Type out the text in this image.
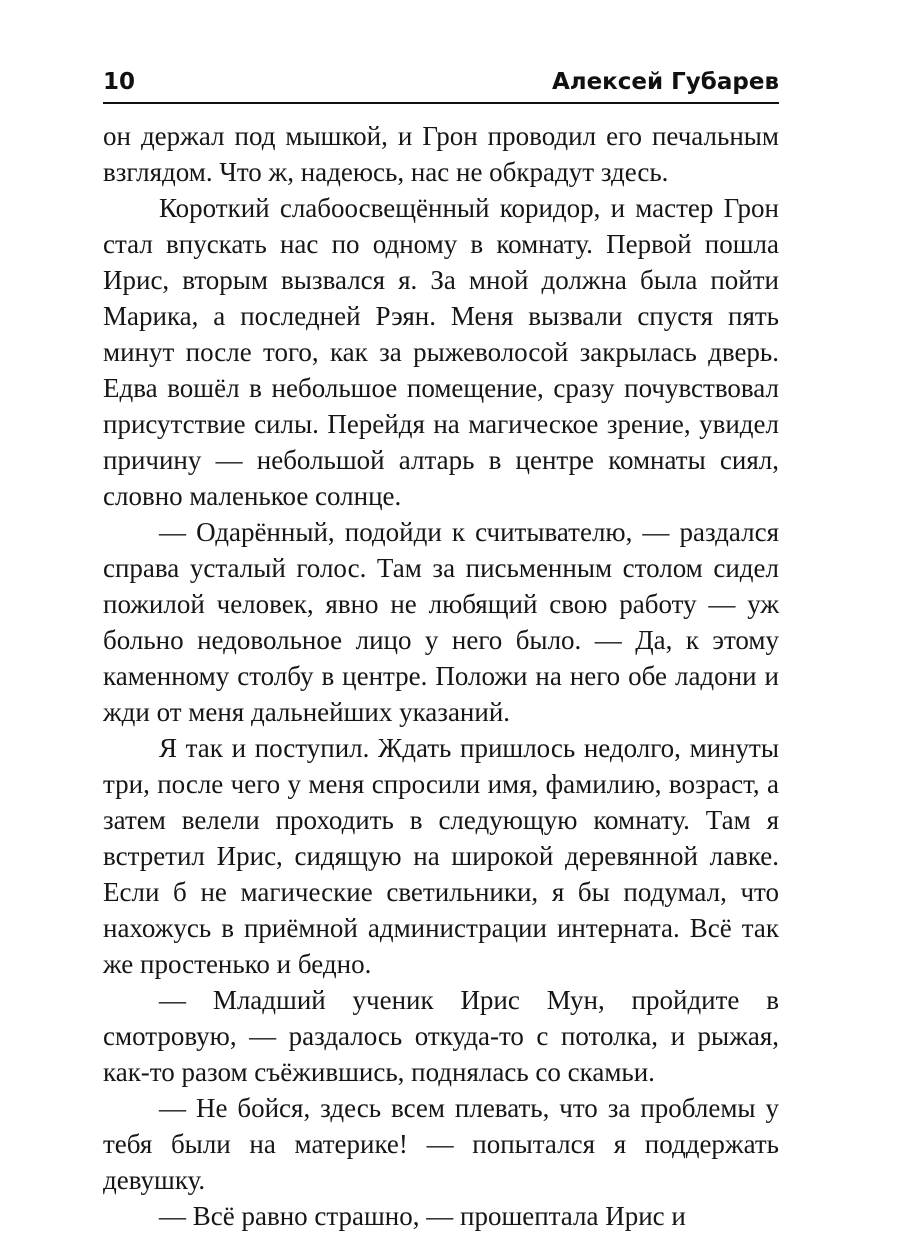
10	Алексей Губарев

он держал под мышкой, и Грон проводил его печальным взглядом. Что ж, надеюсь, нас не обкрадут здесь.

Короткий слабоосвещённый коридор, и мастер Грон стал впускать нас по одному в комнату. Первой пошла Ирис, вторым вызвался я. За мной должна была пойти Марика, а последней Рэян. Меня вызвали спустя пять минут после того, как за рыжеволосой закрылась дверь. Едва вошёл в небольшое помещение, сразу почувствовал присутствие силы. Перейдя на магическое зрение, увидел причину — небольшой алтарь в центре комнаты сиял, словно маленькое солнце.

— Одарённый, подойди к считывателю, — раздался справа усталый голос. Там за письменным столом сидел пожилой человек, явно не любящий свою работу — уж больно недовольное лицо у него было. — Да, к этому каменному столбу в центре. Положи на него обе ладони и жди от меня дальнейших указаний.

Я так и поступил. Ждать пришлось недолго, минуты три, после чего у меня спросили имя, фамилию, возраст, а затем велели проходить в следующую комнату. Там я встретил Ирис, сидящую на широкой деревянной лавке. Если б не магические светильники, я бы подумал, что нахожусь в приёмной администрации интерната. Всё так же простенько и бедно.

— Младший ученик Ирис Мун, пройдите в смотровую, — раздалось откуда-то с потолка, и рыжая, как-то разом съёжившись, поднялась со скамьи.

— Не бойся, здесь всем плевать, что за проблемы у тебя были на материке! — попытался я поддержать девушку.

— Всё равно страшно, — прошептала Ирис и
